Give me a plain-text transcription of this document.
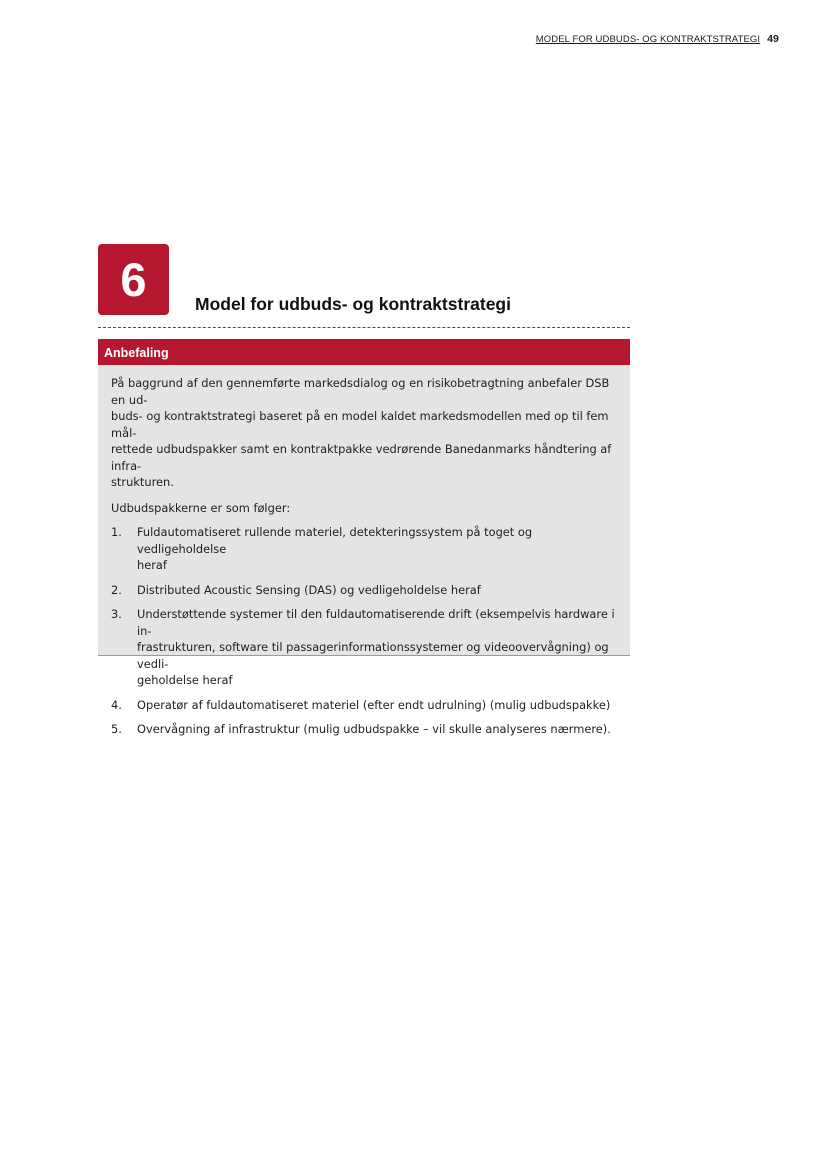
MODEL FOR UDBUDS- OG KONTRAKTSTRATEGI 49
6	Model for udbuds- og kontraktstrategi
Anbefaling

På baggrund af den gennemførte markedsdialog og en risikobetragtning anbefaler DSB en ud-
buds- og kontraktstrategi baseret på en model kaldet markedsmodellen med op til fem mål-
rettede udbudspakker samt en kontraktpakke vedrørende Banedanmarks håndtering af infra-
strukturen.

Udbudspakkerne er som følger:

1.	Fuldautomatiseret rullende materiel, detekteringssystem på toget og vedligeholdelse
heraf
2.	Distributed Acoustic Sensing (DAS) og vedligeholdelse heraf
3.	Understøttende systemer til den fuldautomatiserende drift (eksempelvis hardware i in-
frastrukturen, software til passagerinformationssystemer og videoovervågning) og vedli-
geholdelse heraf
4.	Operatør af fuldautomatiseret materiel (efter endt udrulning) (mulig udbudspakke)
5.	Overvågning af infrastruktur (mulig udbudspakke – vil skulle analyseres nærmere).
